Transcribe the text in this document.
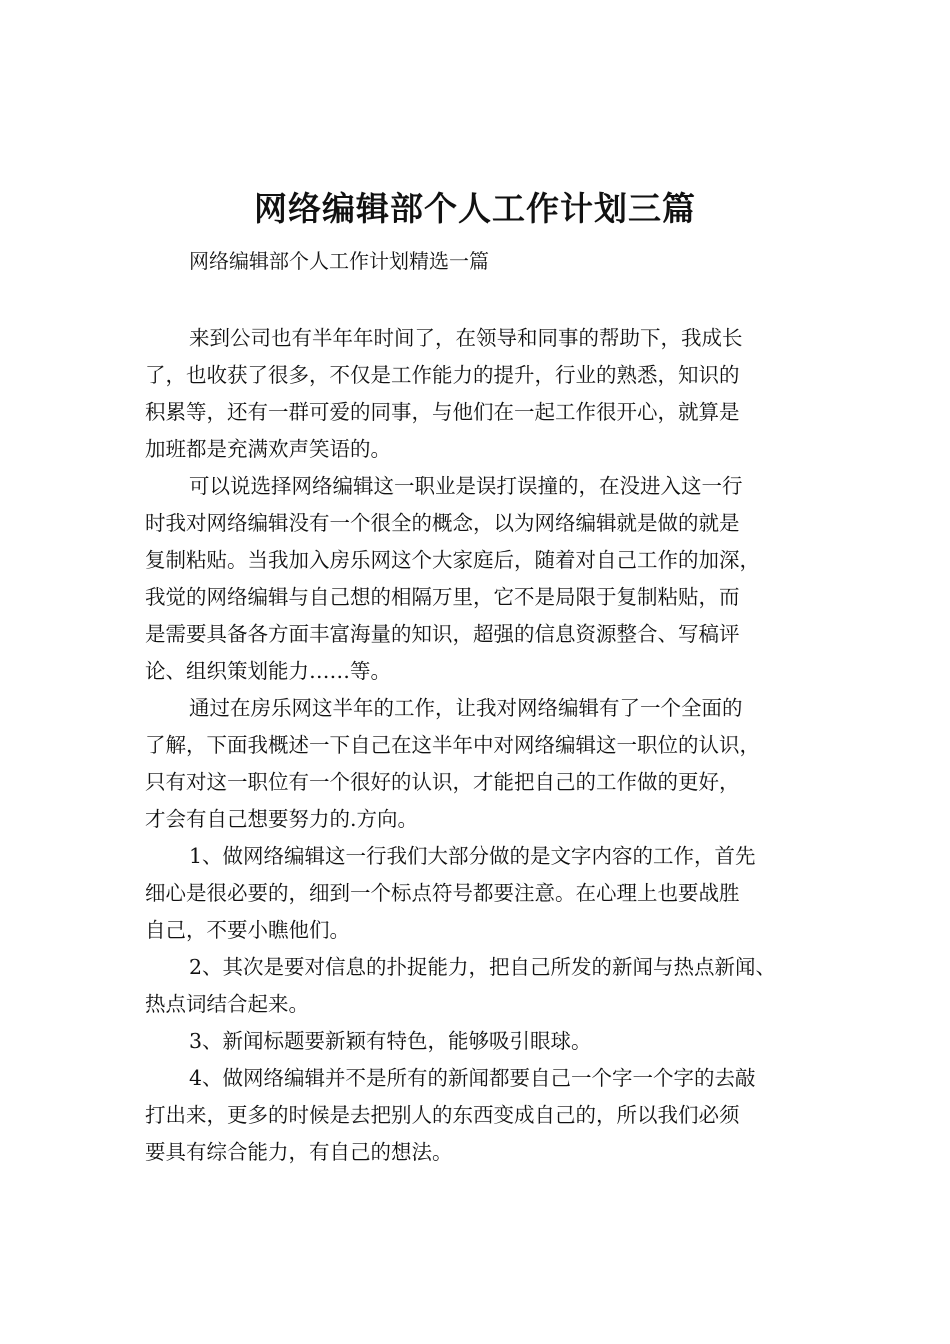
网络编辑部个人工作计划三篇

网络编辑部个人工作计划精选一篇

来到公司也有半年年时间了，在领导和同事的帮助下，我成长
了，也收获了很多，不仅是工作能力的提升，行业的熟悉，知识的
积累等，还有一群可爱的同事，与他们在一起工作很开心，就算是
加班都是充满欢声笑语的。

可以说选择网络编辑这一职业是误打误撞的，在没进入这一行
时我对网络编辑没有一个很全的概念，以为网络编辑就是做的就是
复制粘贴。当我加入房乐网这个大家庭后，随着对自己工作的加深，
我觉的网络编辑与自己想的相隔万里，它不是局限于复制粘贴，而
是需要具备各方面丰富海量的知识，超强的信息资源整合、写稿评
论、组织策划能力……等。

通过在房乐网这半年的工作，让我对网络编辑有了一个全面的
了解，下面我概述一下自己在这半年中对网络编辑这一职位的认识，
只有对这一职位有一个很好的认识，才能把自己的工作做的更好，
才会有自己想要努力的.方向。

1、做网络编辑这一行我们大部分做的是文字内容的工作，首先
细心是很必要的，细到一个标点符号都要注意。在心理上也要战胜
自己，不要小瞧他们。

2、其次是要对信息的扑捉能力，把自己所发的新闻与热点新闻、
热点词结合起来。

3、新闻标题要新颖有特色，能够吸引眼球。

4、做网络编辑并不是所有的新闻都要自己一个字一个字的去敲
打出来，更多的时候是去把别人的东西变成自己的，所以我们必须
要具有综合能力，有自己的想法。
